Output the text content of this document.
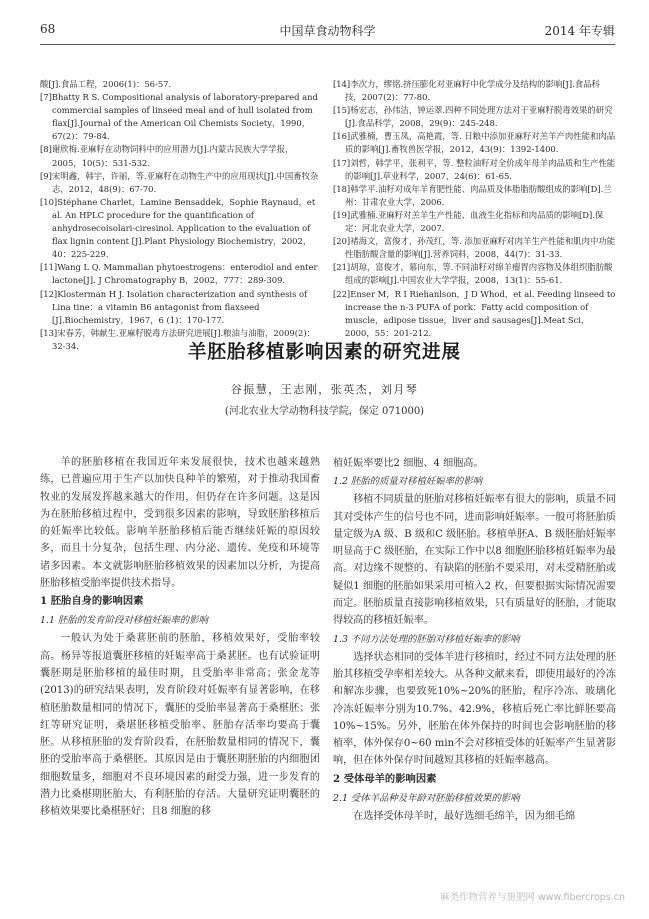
68	中国草食动物科学	2014 年专辑

酸[J].食品工程，2006(1)：56-57.

[7]Bhatty R S. Compositional analysis of laboratory-prepared and commercial samples of linseed meal and of hull isolated from flax[J].Journal of the American Oil Chemists Society，1990，67(2)：79-84.

[8]谢欣梅.亚麻籽在动物饲料中的应用潜力[J].内蒙古民族大学学报，2005，10(5)：531-532.

[9]宋明鑫，韩宇，许丽，等.亚麻籽在动物生产中的应用现状[J].中国畜牧杂志，2012，48(9)：67-70.

[10]Stéphane Charlet，Lamine Bensaddek，Sophie Raynaud，et al. An HPLC procedure for the quantification of anhydrosecoisolari-ciresinol. Application to the evaluation of flax lignin content [J].Plant Physiology Biochemistry，2002，40：225-229.

[11]Wang L Q. Mammalian phytoestrogens：enterodiol and enter lactone[J]. J Chromatography B，2002，777：289-309.

[12]Klosterman H J. Isolation characterization and synthesis of Lina tine：a vitamin B6 antagonist from flaxseed [J].Biochemistry，1967，6 (1)：170-177.

[13]宋春芳，韩献生.亚麻籽脱毒方法研究进展[J].粮油与油脂，2009(2)：32-34.

[14]李次力，缪铭.挤压膨化对亚麻籽中化学成分及结构的影响[J].食品科技，2007(2)：77-80.

[15]杨宏志，孙伟洁，钟运翠.四种不同处理方法对于亚麻籽脱毒效果的研究[J].食品科学，2008，29(9)：245-248.

[16]武雅楠，曹玉凤，高艳霞，等. 日粮中添加亚麻籽对羔羊产肉性能和肉品质的影响[J].畜牧兽医学报，2012，43(9)：1392-1400.

[17]刘哲，韩学平，张利平，等. 整粒油籽对全价成年母羊肉品质和生产性能的影响[J].草业科学，2007，24(6)：61-65.

[18]韩学平.油籽对成年羊育肥性能、肉品质及体脂脂肪酸组成的影响[D].兰州：甘肃农业大学，2006.

[19]武雅楠.亚麻籽对羔羊生产性能、血液生化指标和肉品质的影响[D].保定：河北农业大学，2007.

[20]褚海文，富俊才，孙茂红，等. 添加亚麻籽对肉羊生产性能和肌肉中功能性脂肪酸含量的影响[J].营养饲料，2008，44(7)：31-33.

[21]胡琼，富俊才，慕向东，等.不同油籽对绵羊瘤胃内容物及体组织脂肪酸组成的影响[J].中国农业大学学报，2008，13(1)：55-61.

[22]Enser M，R I Riehanlson，J D Whod，et al. Feeding linseed to increase the n-3 PUFA of pork：Fatty acid composition of muscle，adipose tissue，liver and sausages[J].Meat Sci，2000，55：201-212.

羊胚胎移植影响因素的研究进展
谷振慧，王志刚，张英杰，刘月琴
(河北农业大学动物科技学院，保定 071000)

羊的胚胎移植在我国近年来发展很快，技术也越来越熟练，已普遍应用于生产以加快良种羊的繁殖，对于推动我国畜牧业的发展发挥越来越大的作用，但仍存在许多问题。这是因为在胚胎移植过程中，受到很多因素的影响，导致胚胎移植后的妊娠率比较低。影响羊胚胎移植后能否继续妊娠的原因较多，而且十分复杂，包括生理、内分泌、遗传、免疫和环境等诸多因素。本文就影响胚胎移植效果的因素加以分析，为提高胚胎移植受胎率提供技术指导。

1 胚胎自身的影响因素
1.1 胚胎的发育阶段对移植妊娠率的影响

一般认为处于桑葚胚前的胚胎，移植效果好，受胎率较高。杨异等报道囊胚移植的妊娠率高于桑葚胚。也有试验证明囊胚期是胚胎移植的最佳时期，且受胎率非常高；张金龙等(2013)的研究结果表明，发育阶段对妊娠率有显著影响，在移植胚胎数量相同的情况下，囊胚的受胎率显著高于桑椹胚；张红等研究证明，桑堪胚移植受胎率、胚胎存活率均要高于囊胚。从移植胚胎的发育阶段看，在胚胎数量相同的情况下，囊胚的受胎率高于桑椹胚。其原因是由于囊胚期胚胎的内细胞团细胞数量多，细胞对不良环境因素的耐受力强，进一步发育的潜力比桑椹期胚胎大，有利胚胎的存活。大量研究证明囊胚的移植效果要比桑椹胚好；且8 细胞的移

植妊娠率要比2 细胞、4 细胞高。

1.2 胚胎的质量对移植妊娠率的影响

移植不同质量的胚胎对移植妊娠率有很大的影响，质量不同其对受体产生的信号也不同，进而影响妊娠率。一般可将胚胎质量定级为A 级、B 级和C 级胚胎。移植单胚A、B 级胚胎妊娠率明显高于C 级胚胎，在实际工作中以8 细胞胚胎移植妊娠率为最高。对边缘不规整的、有缺陷的胚胎不要采用，对未受精胚胎或疑似1 细胞的胚胎如果采用可植入2 枚，但要根据实际情况需要而定。胚胎质量直接影响移植效果，只有质量好的胚胎，才能取得较高的移植妊娠率。

1.3 不同方法处理的胚胎对移植妊娠率的影响

选择状态相同的受体羊进行移植时，经过不同方法处理的胚胎其移植受孕率相差较大。从各种文献来看，即使用最好的冷冻和解冻步骤，也要致死10%~20%的胚胎，程序冷冻、玻璃化冷冻妊娠率分别为10.7%、42.9%，移植后死亡率比鲜胚要高10%~15%。另外，胚胎在体外保持的时间也会影响胚胎的移植率，体外保存0~60 min不会对移植受体的妊娠率产生显著影响，但在体外保存时间越短其移植的妊娠率越高。

2 受体母羊的影响因素
2.1 受体羊品种及年龄对胚胎移植效果的影响

在选择受体母羊时，最好选细毛绵羊，因为细毛绵

麻类作物营养与施肥网 www.fibercrops.cn
